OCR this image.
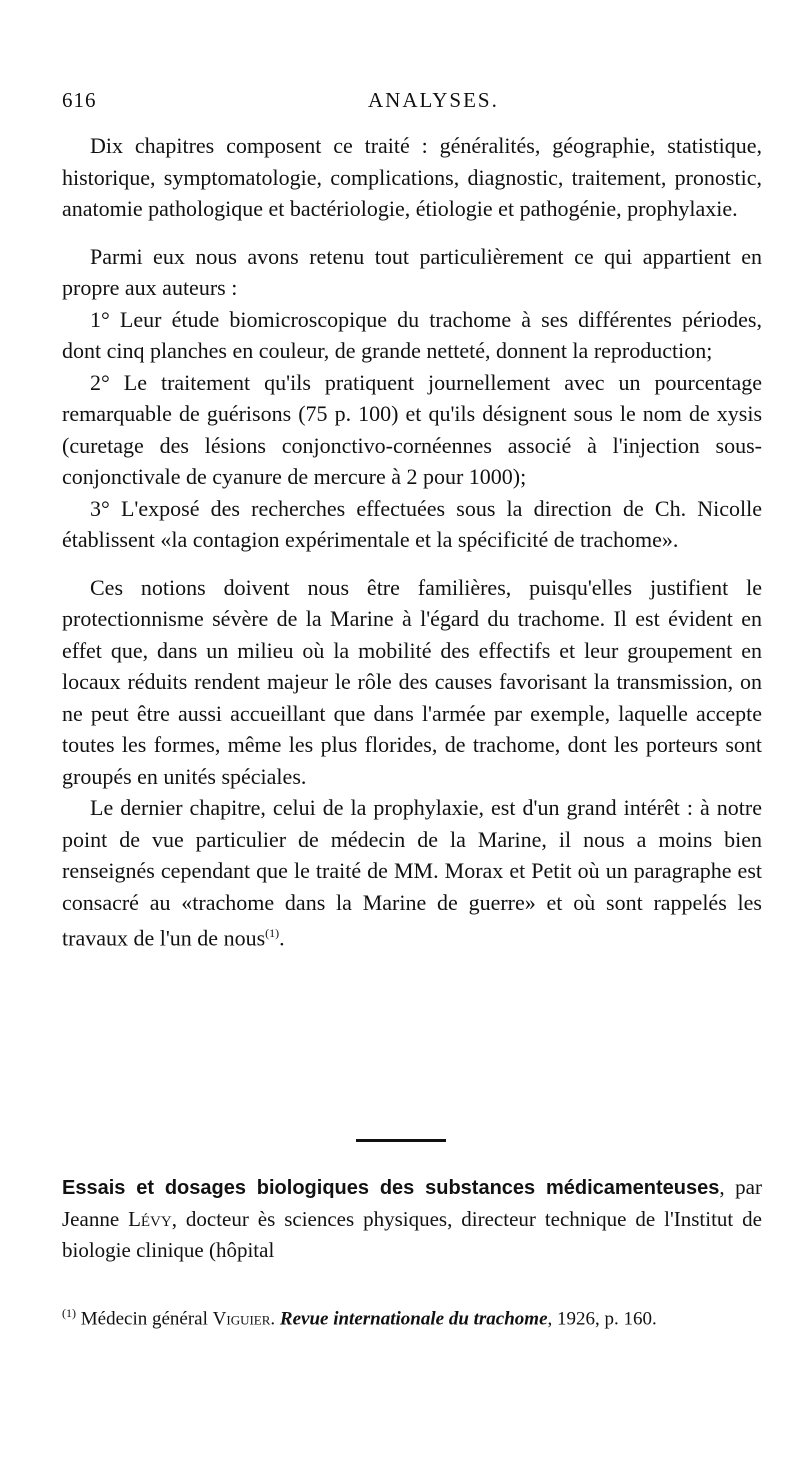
616	ANALYSES.

Dix chapitres composent ce traité : généralités, géographie, statistique, historique, symptomatologie, complications, diagnostic, traitement, pronostic, anatomie pathologique et bactériologie, étiologie et pathogénie, prophylaxie.

Parmi eux nous avons retenu tout particulièrement ce qui appartient en propre aux auteurs :

1° Leur étude biomicroscopique du trachome à ses différentes périodes, dont cinq planches en couleur, de grande netteté, donnent la reproduction;

2° Le traitement qu'ils pratiquent journellement avec un pourcentage remarquable de guérisons (75 p. 100) et qu'ils désignent sous le nom de xysis (curetage des lésions conjonctivo-cornéennes associé à l'injection sous-conjonctivale de cyanure de mercure à 2 pour 1000);

3° L'exposé des recherches effectuées sous la direction de Ch. Nicolle établissent «la contagion expérimentale et la spécificité de trachome».

Ces notions doivent nous être familières, puisqu'elles justifient le protectionnisme sévère de la Marine à l'égard du trachome. Il est évident en effet que, dans un milieu où la mobilité des effectifs et leur groupement en locaux réduits rendent majeur le rôle des causes favorisant la transmission, on ne peut être aussi accueillant que dans l'armée par exemple, laquelle accepte toutes les formes, même les plus florides, de trachome, dont les porteurs sont groupés en unités spéciales.

Le dernier chapitre, celui de la prophylaxie, est d'un grand intérêt : à notre point de vue particulier de médecin de la Marine, il nous a moins bien renseignés cependant que le traité de MM. Morax et Petit où un paragraphe est consacré au «trachome dans la Marine de guerre» et où sont rappelés les travaux de l'un de nous$^{(1)}$.

Essais et dosages biologiques des substances médicamenteuses, par Jeanne Lévy, docteur ès sciences physiques, directeur technique de l'Institut de biologie clinique (hôpital
$^{(1)}$ Médecin général Viguier. Revue internationale du trachome, 1926, p. 160.
